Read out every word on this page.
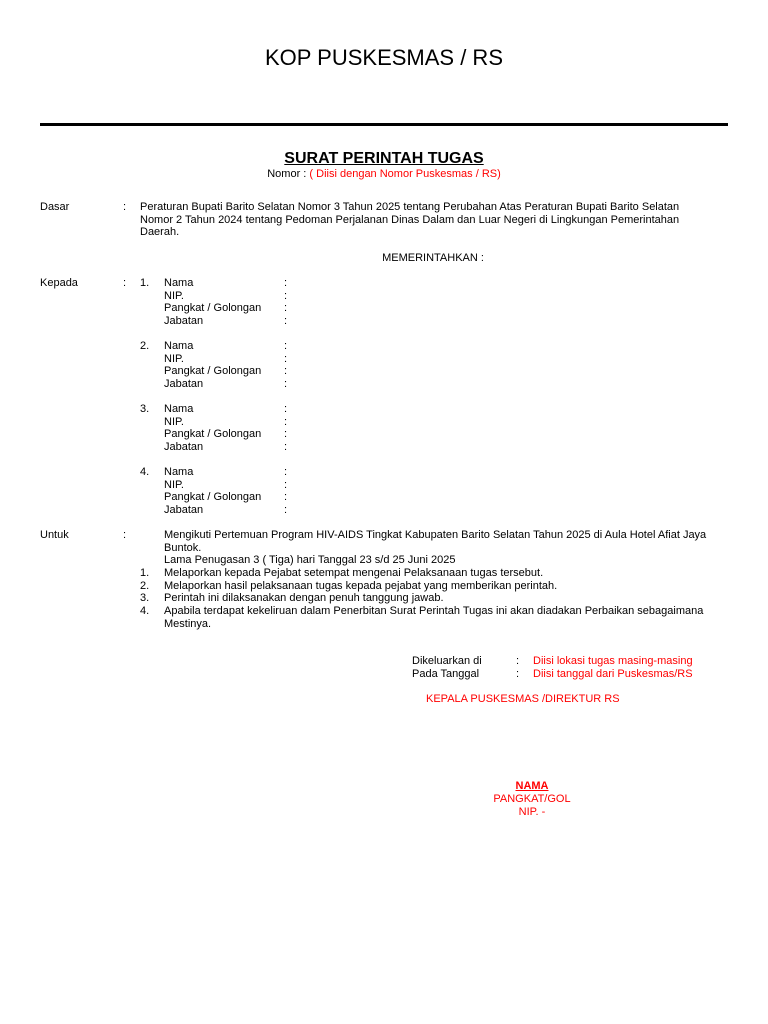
KOP PUSKESMAS / RS
SURAT PERINTAH TUGAS
Nomor : ( Diisi dengan Nomor Puskesmas / RS)
Dasar	: Peraturan Bupati Barito Selatan Nomor 3 Tahun 2025 tentang Perubahan Atas Peraturan Bupati Barito Selatan Nomor 2 Tahun 2024 tentang Pedoman Perjalanan Dinas Dalam dan Luar Negeri di Lingkungan Pemerintahan Daerah.
MEMERINTAHKAN :
Kepada	: 1. Nama	:
NIP.	:
Pangkat / Golongan :
Jabatan	:
2. Nama	:
NIP.	:
Pangkat / Golongan :
Jabatan	:
3. Nama	:
NIP.	:
Pangkat / Golongan :
Jabatan	:
4. Nama	:
NIP.	:
Pangkat / Golongan :
Jabatan	:
Untuk	:	Mengikuti Pertemuan Program HIV-AIDS Tingkat Kabupaten Barito Selatan Tahun 2025 di Aula Hotel Afiat Jaya Buntok.
Lama Penugasan 3 ( Tiga) hari Tanggal 23 s/d 25 Juni 2025
1. Melaporkan kepada Pejabat setempat mengenai Pelaksanaan tugas tersebut.
2. Melaporkan hasil pelaksanaan tugas kepada pejabat yang memberikan perintah.
3. Perintah ini dilaksanakan dengan penuh tanggung jawab.
4. Apabila terdapat kekeliruan dalam Penerbitan Surat Perintah Tugas ini akan diadakan Perbaikan sebagaimana Mestinya.
Dikeluarkan di	: Diisi lokasi tugas masing-masing
Pada Tanggal	: Diisi tanggal dari Puskesmas/RS
KEPALA PUSKESMAS /DIREKTUR RS
NAMA
PANGKAT/GOL
NIP. -
